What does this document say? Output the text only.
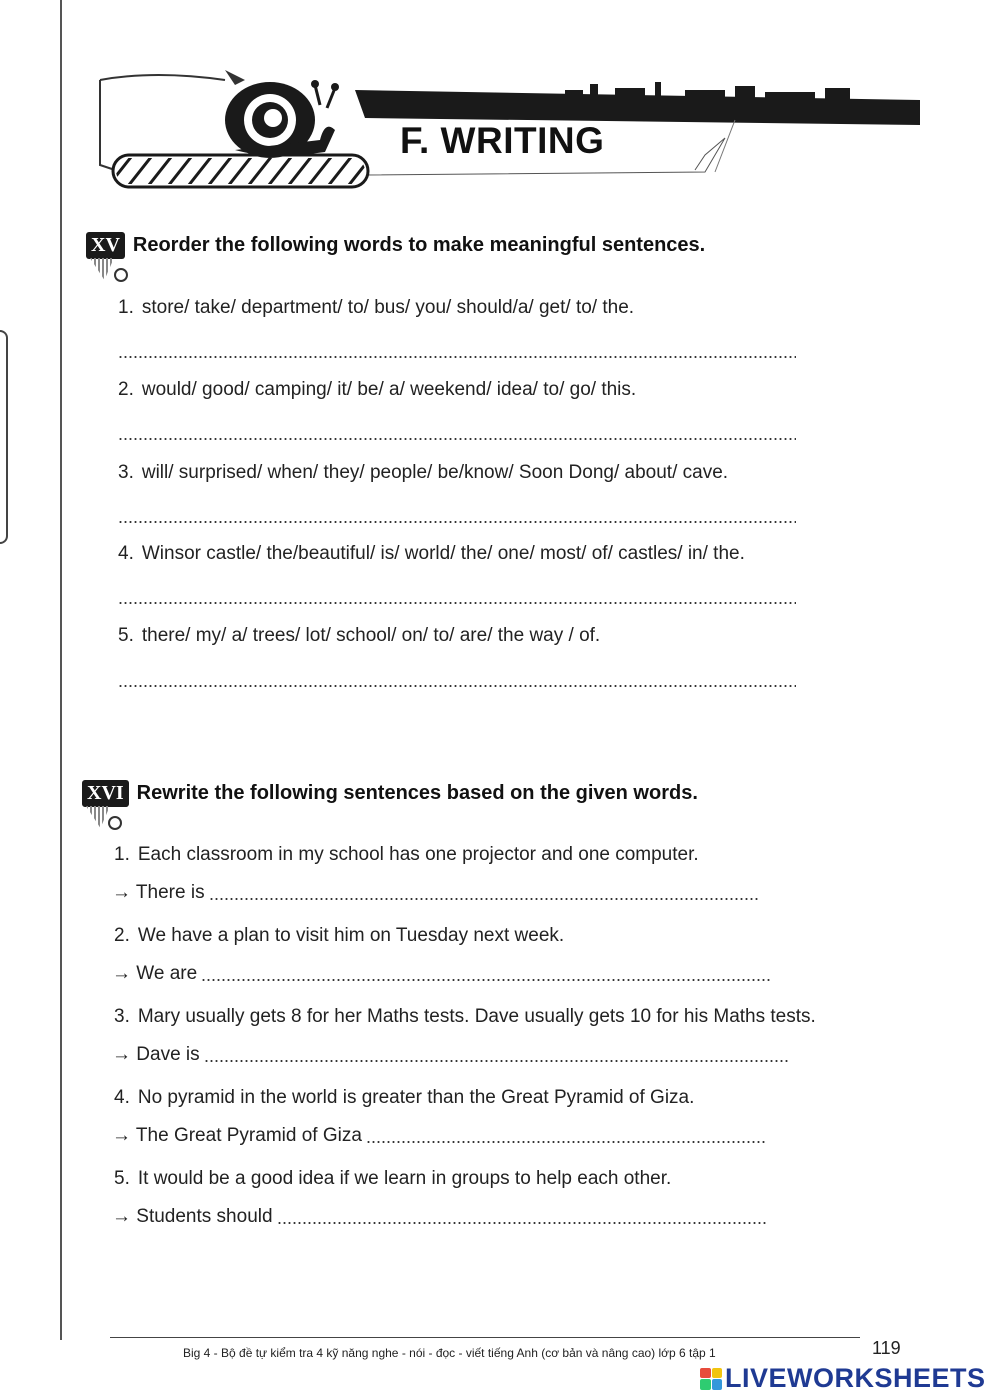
F. WRITING
XV Reorder the following words to make meaningful sentences.
1. store/ take/ department/ to/ bus/ you/ should/a/ get/ to/ the.
2. would/ good/ camping/ it/ be/ a/ weekend/ idea/ to/ go/ this.
3. will/ surprised/ when/ they/ people/ be/know/ Soon Dong/ about/ cave.
4. Winsor castle/ the/beautiful/ is/ world/ the/ one/ most/ of/ castles/ in/ the.
5. there/ my/ a/ trees/ lot/ school/ on/ to/ are/ the way / of.
XVI Rewrite the following sentences based on the given words.
1. Each classroom in my school has one projector and one computer.
→ There is
2. We have a plan to visit him on Tuesday next week.
→ We are
3. Mary usually gets 8 for her Maths tests. Dave usually gets 10 for his Maths tests.
→ Dave is
4. No pyramid in the world is greater than the Great Pyramid of Giza.
→ The Great Pyramid of Giza
5. It would be a good idea if we learn in groups to help each other.
→ Students should
Big 4 - Bộ đề tự kiểm tra 4 kỹ năng nghe - nói - đọc - viết tiếng Anh (cơ bản và nâng cao) lớp 6 tập 1	119
LIVEWORKSHEETS
